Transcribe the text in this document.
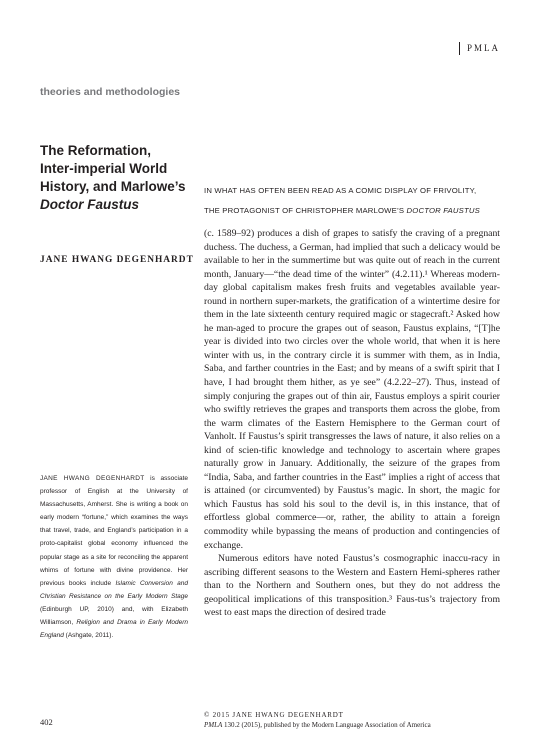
PMLA
theories and methodologies
The Reformation,
Inter-imperial World
History, and Marlowe’s
Doctor Faustus
JANE HWANG DEGENHARDT
JANE HWANG DEGENHARDT is associate professor of English at the University of Massachusetts, Amherst. She is writing a book on early modern “fortune,” which examines the ways that travel, trade, and England’s participation in a proto-capitalist global economy influenced the popular stage as a site for reconciling the apparent whims of fortune with divine providence. Her previous books include Islamic Conversion and Christian Resistance on the Early Modern Stage (Edinburgh UP, 2010) and, with Elizabeth Williamson, Religion and Drama in Early Modern England (Ashgate, 2011).
IN WHAT HAS OFTEN BEEN READ AS A COMIC DISPLAY OF FRIVOLITY,
THE PROTAGONIST OF CHRISTOPHER MARLOWE’S DOCTOR FAUSTUS

(c. 1589–92) produces a dish of grapes to satisfy the craving of a pregnant duchess. The duchess, a German, had implied that such a delicacy would be available to her in the summertime but was quite out of reach in the current month, January—“the dead time of the winter” (4.2.11).¹ Whereas modern-day global capitalism makes fresh fruits and vegetables available year-round in northern super-markets, the gratification of a wintertime desire for them in the late sixteenth century required magic or stagecraft.² Asked how he man-aged to procure the grapes out of season, Faustus explains, “[T]he year is divided into two circles over the whole world, that when it is here winter with us, in the contrary circle it is summer with them, as in India, Saba, and farther countries in the East; and by means of a swift spirit that I have, I had brought them hither, as ye see” (4.2.22–27). Thus, instead of simply conjuring the grapes out of thin air, Faustus employs a spirit courier who swiftly retrieves the grapes and transports them across the globe, from the warm climates of the Eastern Hemisphere to the German court of Vanholt. If Faustus’s spirit transgresses the laws of nature, it also relies on a kind of scien-tific knowledge and technology to ascertain where grapes naturally grow in January. Additionally, the seizure of the grapes from “India, Saba, and farther countries in the East” implies a right of access that is attained (or circumvented) by Faustus’s magic. In short, the magic for which Faustus has sold his soul to the devil is, in this instance, that of effortless global commerce—or, rather, the ability to attain a foreign commodity while bypassing the means of production and contingencies of exchange.

Numerous editors have noted Faustus’s cosmographic inaccu-racy in ascribing different seasons to the Western and Eastern Hemi-spheres rather than to the Northern and Southern ones, but they do not address the geopolitical implications of this transposition.³ Faus-tus’s trajectory from west to east maps the direction of desired trade

402
© 2015 JANE HWANG DEGENHARDT
PMLA 130.2 (2015), published by the Modern Language Association of America
